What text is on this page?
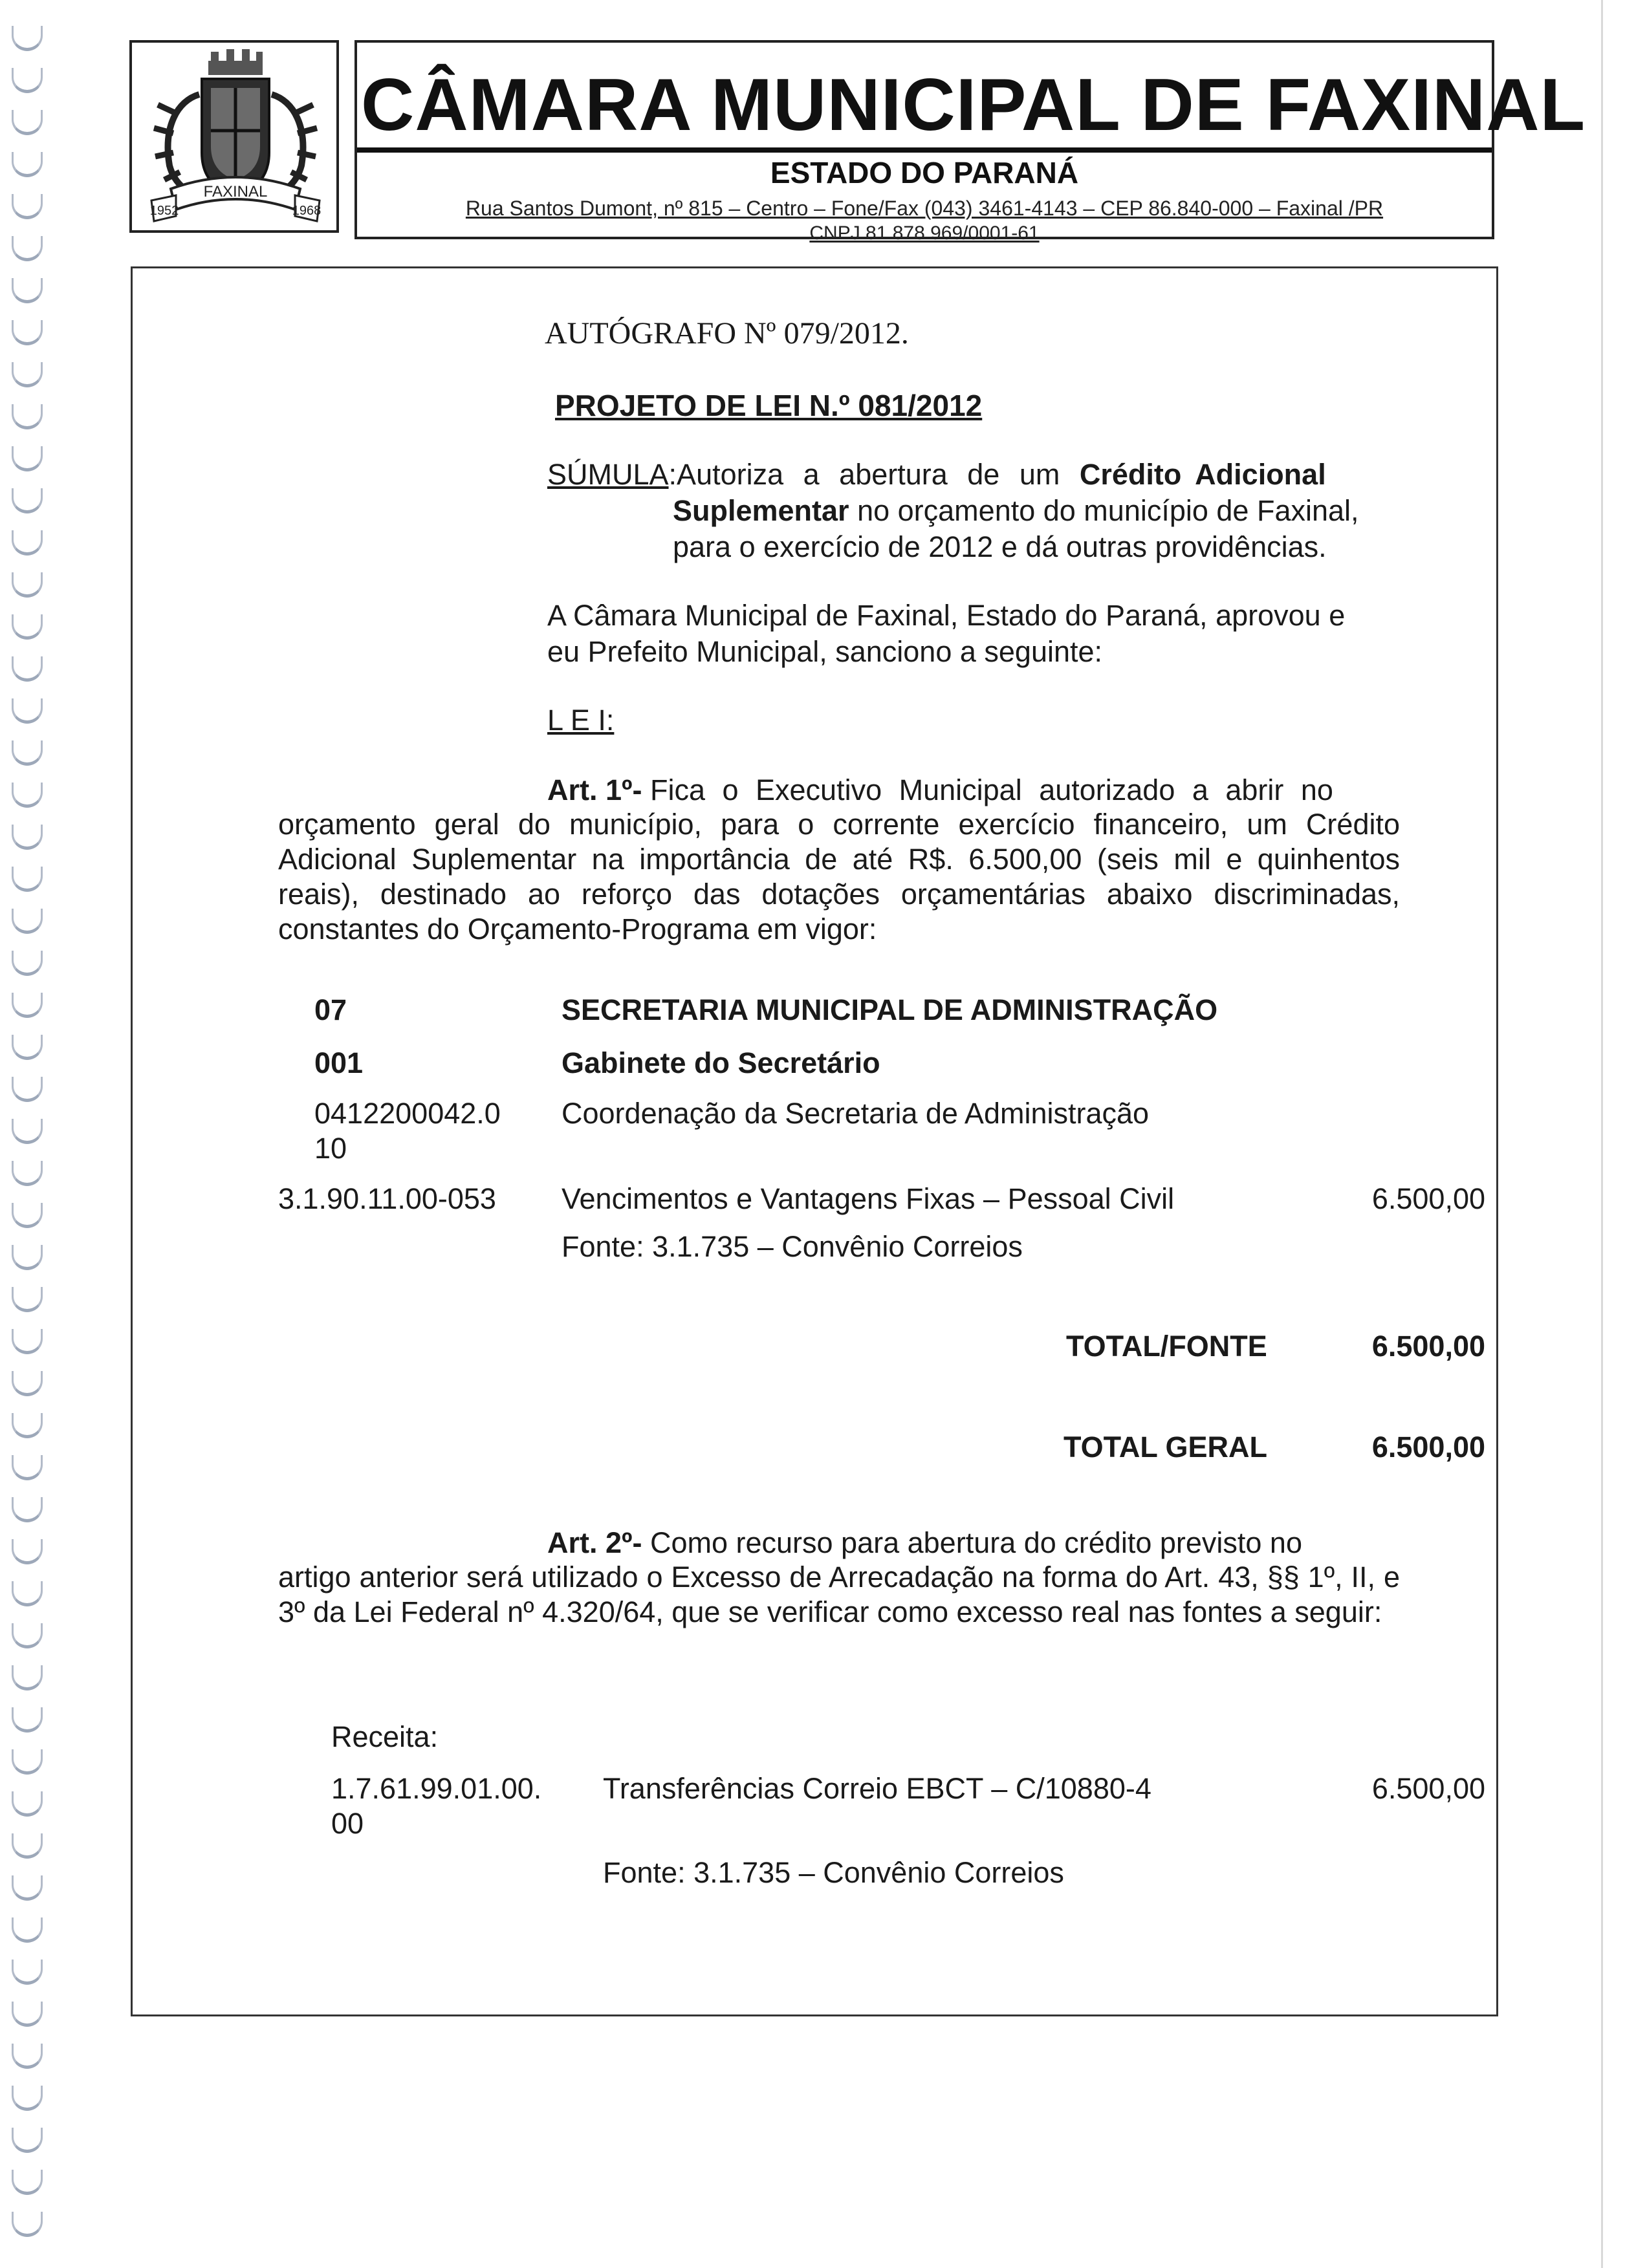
FAXINAL
1952	1968
CÂMARA MUNICIPAL DE FAXINAL
ESTADO DO PARANÁ
Rua Santos Dumont, nº 815 – Centro – Fone/Fax (043) 3461-4143 – CEP 86.840-000 – Faxinal /PR
CNPJ 81.878.969/0001-61
AUTÓGRAFO Nº 079/2012.
PROJETO DE LEI N.º 081/2012
SÚMULA:Autoriza a abertura de um Crédito Adicional
Suplementar no orçamento do município de Faxinal,
para o exercício de 2012 e dá outras providências.
A Câmara Municipal de Faxinal, Estado do Paraná, aprovou e
eu Prefeito Municipal, sanciono a seguinte:
L E I:
Art. 1º- Fica o Executivo Municipal autorizado a abrir no
orçamento geral do município, para o corrente exercício financeiro, um Crédito Adicional Suplementar na importância de até R$. 6.500,00 (seis mil e quinhentos reais), destinado ao reforço das dotações orçamentárias abaixo discriminadas, constantes do Orçamento-Programa em vigor:
07	SECRETARIA MUNICIPAL DE ADMINISTRAÇÃO
001	Gabinete do Secretário
0412200042.0
10
Coordenação da Secretaria de Administração
3.1.90.11.00-053 Vencimentos e Vantagens Fixas – Pessoal Civil	6.500,00
Fonte: 3.1.735 – Convênio Correios
TOTAL/FONTE	6.500,00
TOTAL GERAL	6.500,00
Art. 2º- Como recurso para abertura do crédito previsto no
artigo anterior será utilizado o Excesso de Arrecadação na forma do Art. 43, §§ 1º, II, e 3º da Lei Federal nº 4.320/64, que se verificar como excesso real nas fontes a seguir:
Receita:
1.7.61.99.01.00.
00
Transferências Correio EBCT – C/10880-4	6.500,00
Fonte: 3.1.735 – Convênio Correios
